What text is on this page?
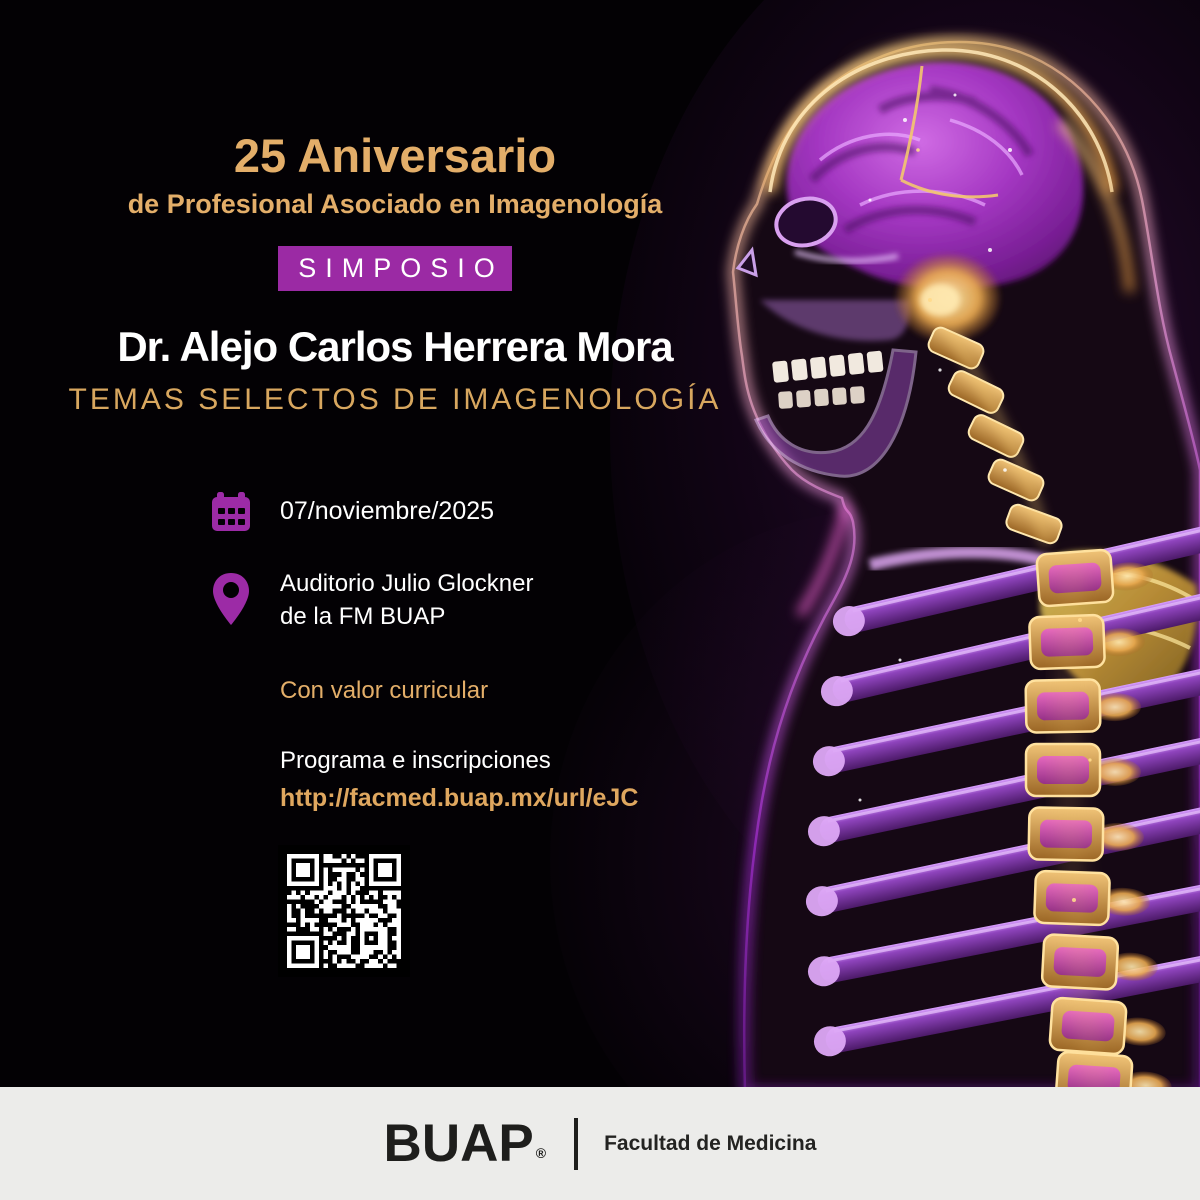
25 Aniversario
de Profesional Asociado en Imagenología
SIMPOSIO
Dr. Alejo Carlos Herrera Mora
TEMAS SELECTOS DE IMAGENOLOGÍA
07/noviembre/2025
Auditorio Julio Glockner
de la FM BUAP
Con valor curricular
Programa e inscripciones
http://facmed.buap.mx/url/eJC
BUAP ®	Facultad de Medicina
